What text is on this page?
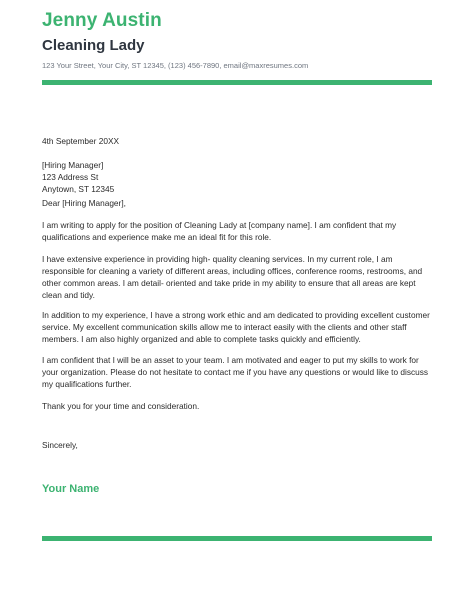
Jenny Austin
Cleaning Lady
123 Your Street, Your City, ST 12345, (123) 456-7890, email@maxresumes.com
4th September 20XX
[Hiring Manager]
123 Address St
Anytown, ST 12345
Dear [Hiring Manager],
I am writing to apply for the position of Cleaning Lady at [company name]. I am confident that my qualifications and experience make me an ideal fit for this role.
I have extensive experience in providing high- quality cleaning services. In my current role, I am responsible for cleaning a variety of different areas, including offices, conference rooms, restrooms, and other common areas. I am detail- oriented and take pride in my ability to ensure that all areas are kept clean and tidy.
In addition to my experience, I have a strong work ethic and am dedicated to providing excellent customer service. My excellent communication skills allow me to interact easily with the clients and other staff members. I am also highly organized and able to complete tasks quickly and efficiently.
I am confident that I will be an asset to your team. I am motivated and eager to put my skills to work for your organization. Please do not hesitate to contact me if you have any questions or would like to discuss my qualifications further.
Thank you for your time and consideration.
Sincerely,
Your Name
